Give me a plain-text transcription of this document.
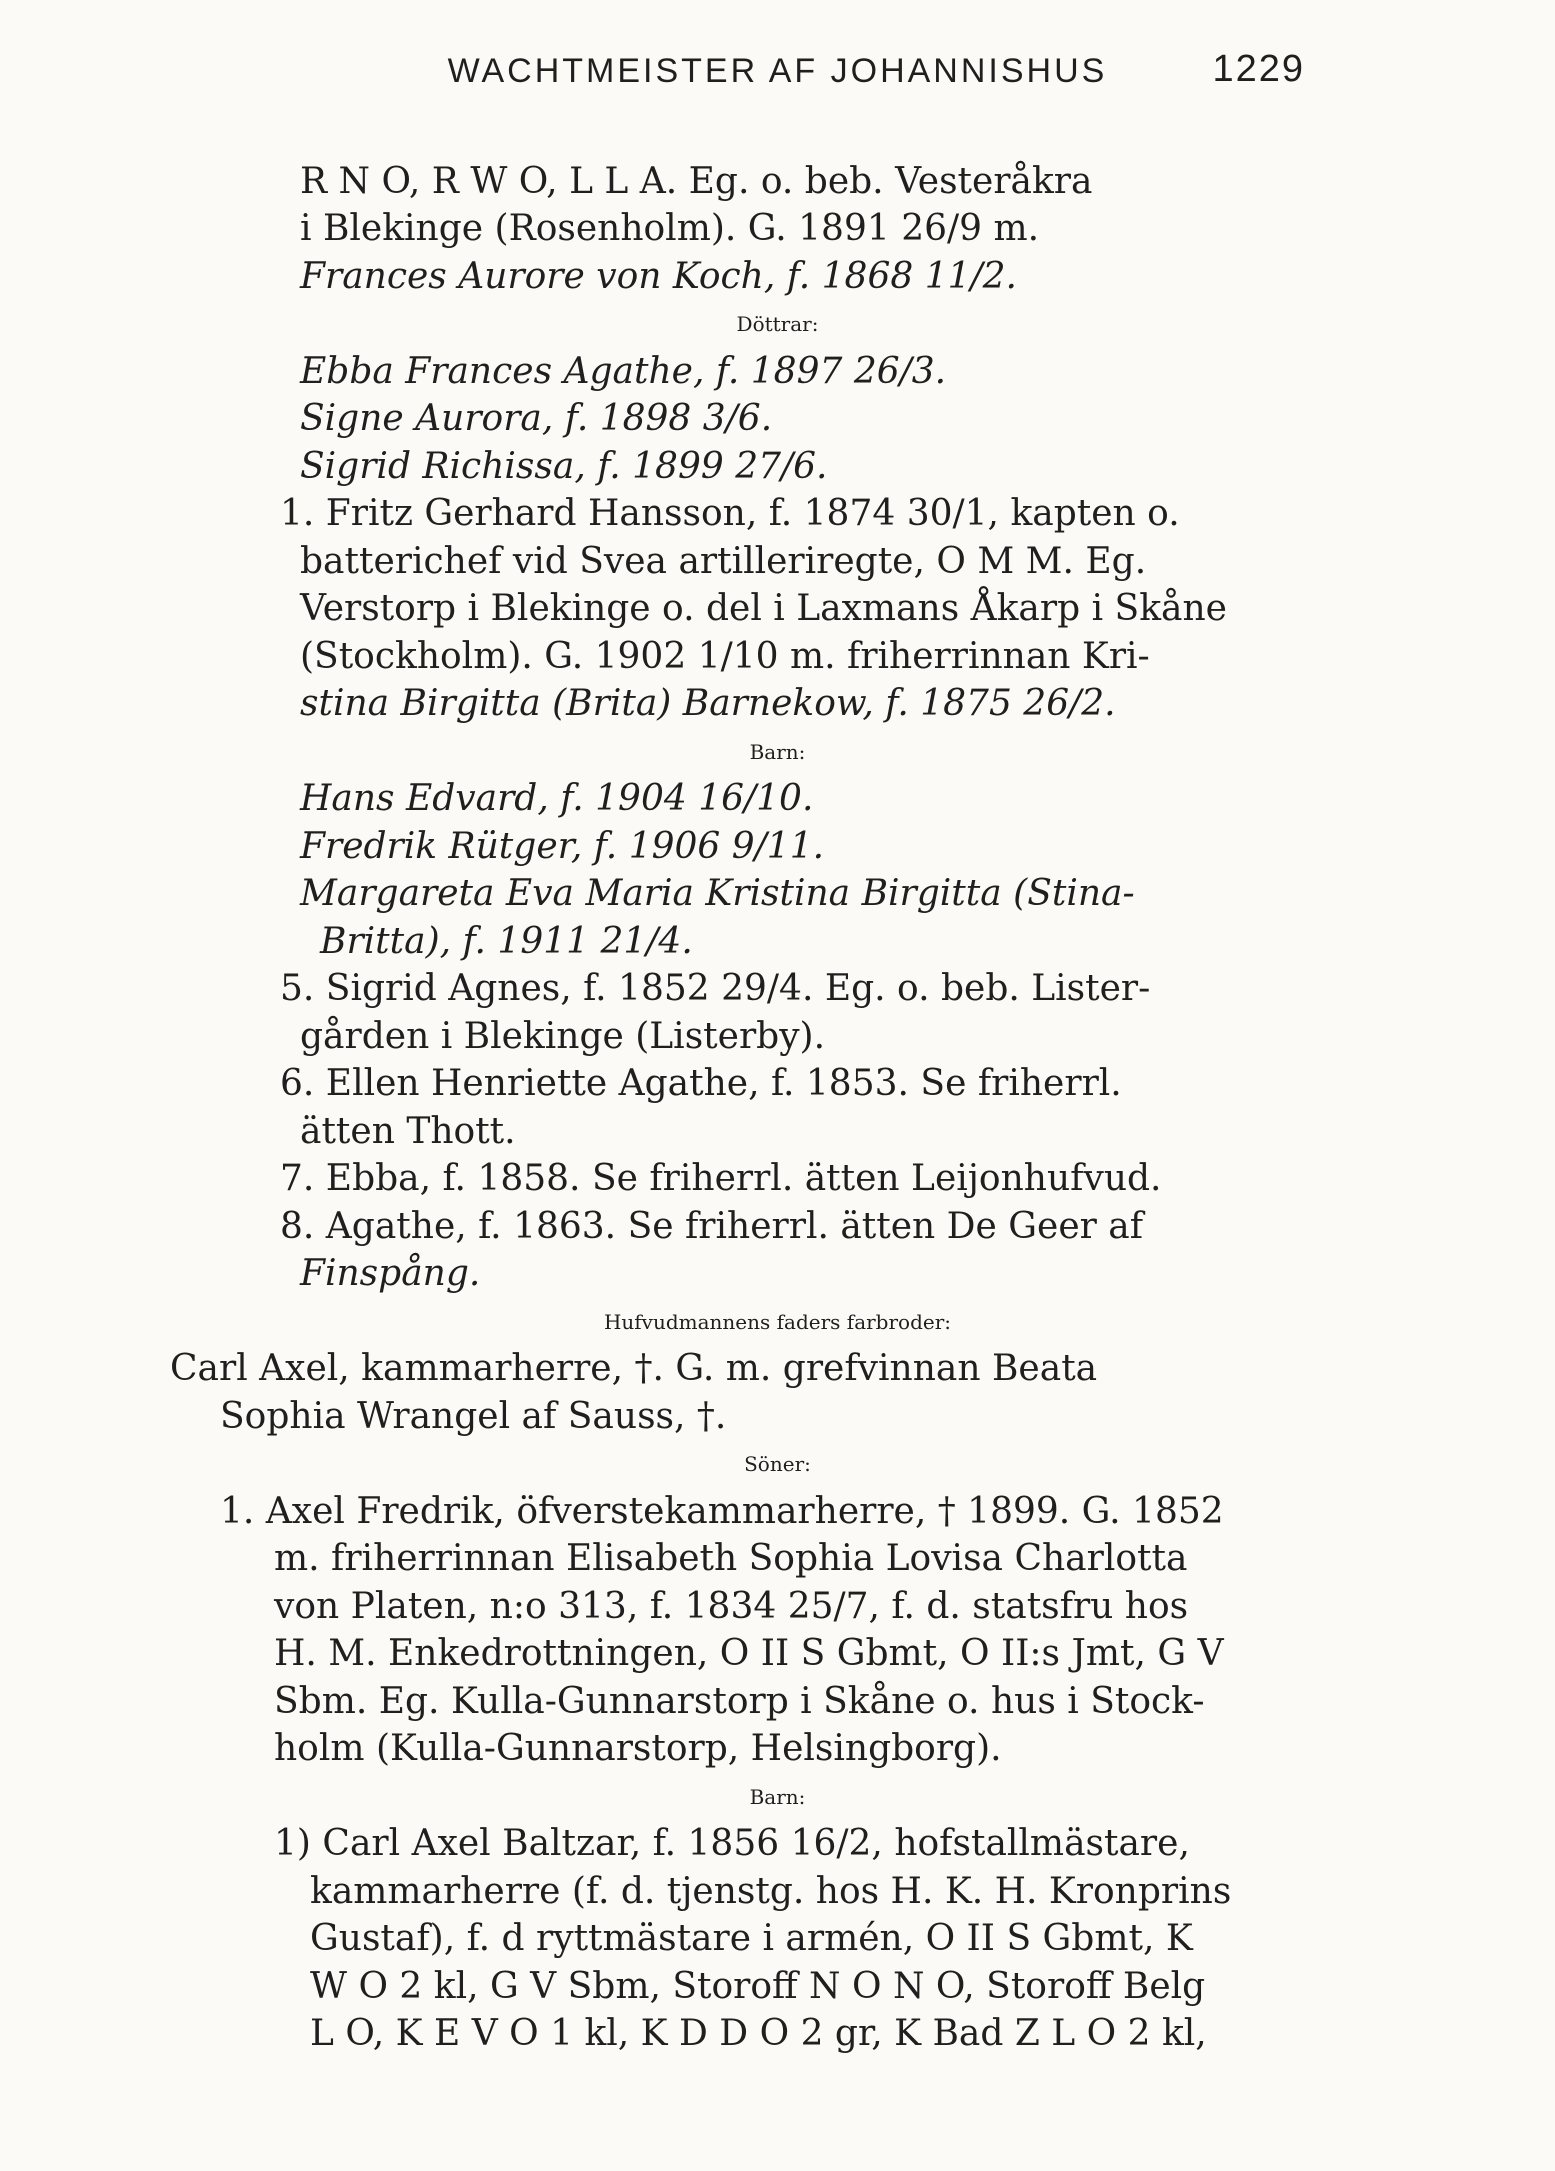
WACHTMEISTER AF JOHANNISHUS	1229
R N O, R W O, L L A. Eg. o. beb. Vesteråkra
i Blekinge (Rosenholm). G. 1891 26/9 m.
Frances Aurore von Koch, f. 1868 11/2.
Döttrar:
Ebba Frances Agathe, f. 1897 26/3.
Signe Aurora, f. 1898 3/6.
Sigrid Richissa, f. 1899 27/6.
1. Fritz Gerhard Hansson, f. 1874 30/1, kapten o.
batterichef vid Svea artilleriregte, O M M. Eg.
Verstorp i Blekinge o. del i Laxmans Åkarp i Skåne
(Stockholm). G. 1902 1/10 m. friherrinnan Kri-
stina Birgitta (Brita) Barnekow, f. 1875 26/2.
Barn:
Hans Edvard, f. 1904 16/10.
Fredrik Rütger, f. 1906 9/11.
Margareta Eva Maria Kristina Birgitta (Stina-
Britta), f. 1911 21/4.
5. Sigrid Agnes, f. 1852 29/4. Eg. o. beb. Lister-
gården i Blekinge (Listerby).
6. Ellen Henriette Agathe, f. 1853. Se friherrl.
ätten Thott.
7. Ebba, f. 1858. Se friherrl. ätten Leijonhufvud.
8. Agathe, f. 1863. Se friherrl. ätten De Geer af
Finspång.
Hufvudmannens faders farbroder:
Carl Axel, kammarherre, †. G. m. grefvinnan Beata
Sophia Wrangel af Sauss, †.
Söner:
1. Axel Fredrik, öfverstekammarherre, † 1899. G. 1852
m. friherrinnan Elisabeth Sophia Lovisa Charlotta
von Platen, n:o 313, f. 1834 25/7, f. d. statsfru hos
H. M. Enkedrottningen, O II S Gbmt, O II:s Jmt, G V
Sbm. Eg. Kulla-Gunnarstorp i Skåne o. hus i Stock-
holm (Kulla-Gunnarstorp, Helsingborg).
Barn:
1) Carl Axel Baltzar, f. 1856 16/2, hofstallmästare,
kammarherre (f. d. tjenstg. hos H. K. H. Kronprins
Gustaf), f. d ryttmästare i armén, O II S Gbmt, K
W O 2 kl, G V Sbm, Storoff N O N O, Storoff Belg
L O, K E V O 1 kl, K D D O 2 gr, K Bad Z L O 2 kl,
